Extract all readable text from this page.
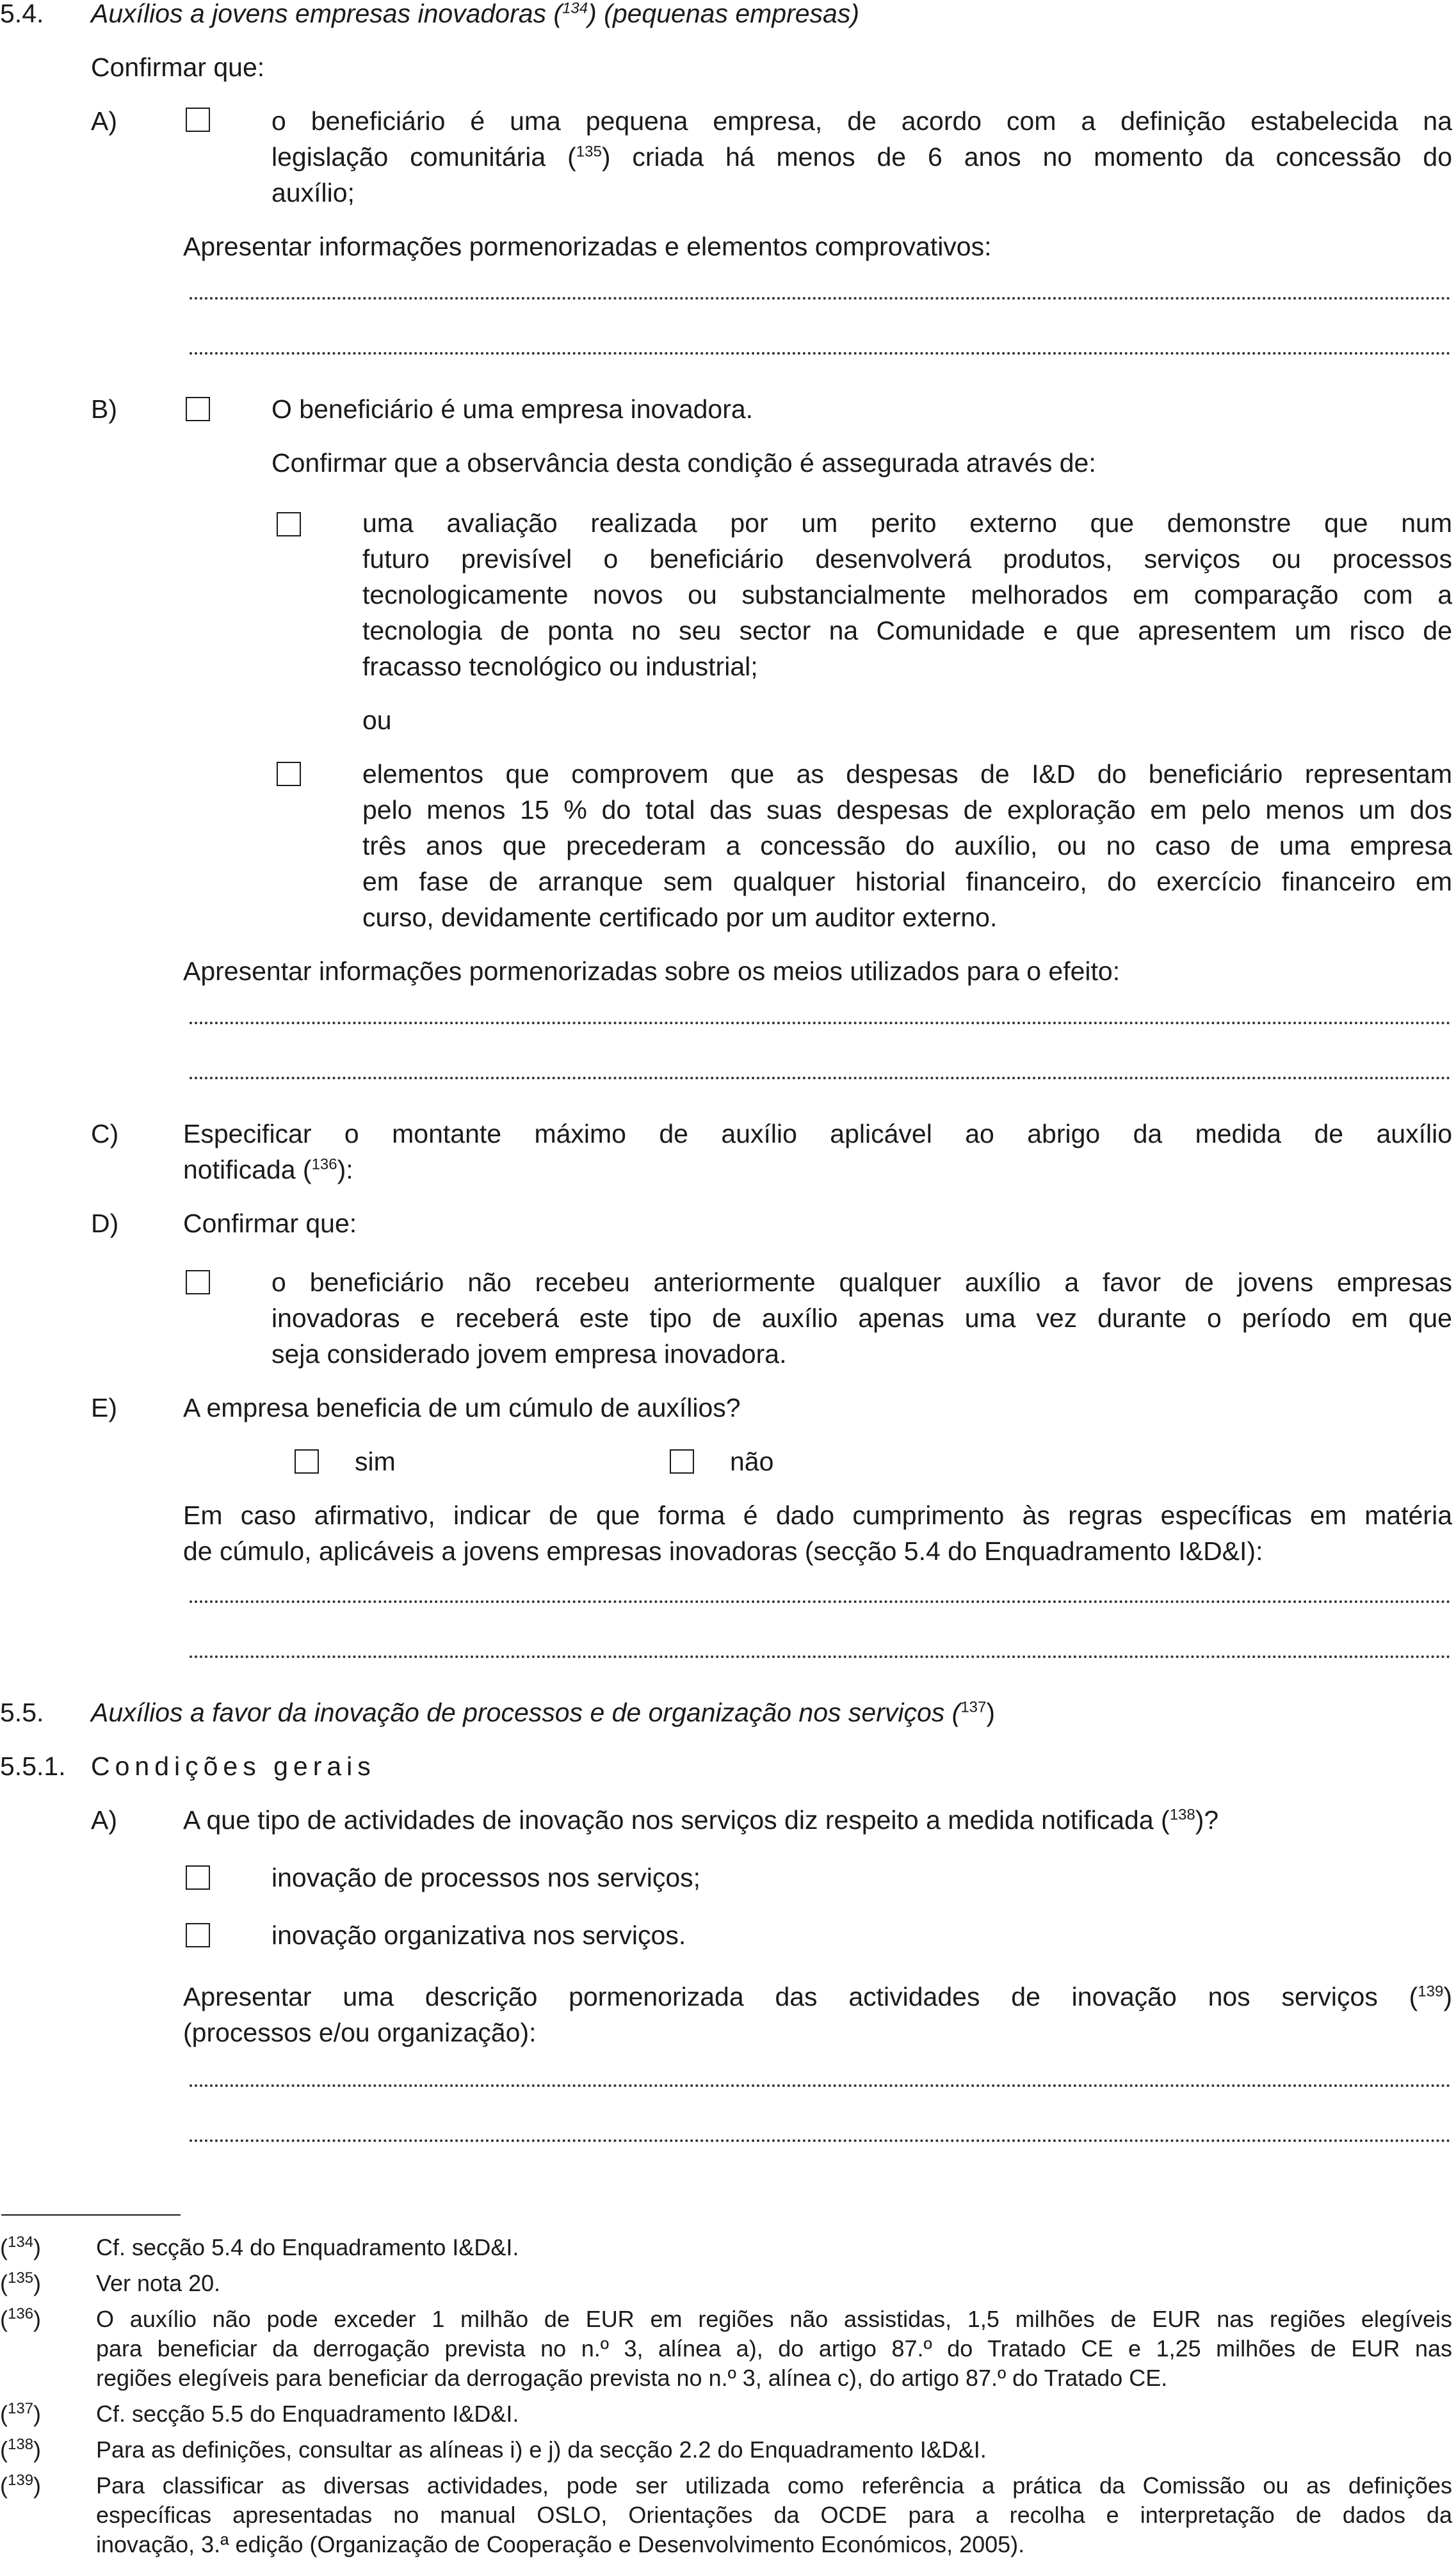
5.4. Auxílios a jovens empresas inovadoras ($^{134}$) (pequenas empresas)
Confirmar que:
A)	o beneficiário é uma pequena empresa, de acordo com a definição estabelecida na
legislação comunitária ($^{135}$) criada há menos de 6 anos no momento da concessão do
auxílio;
Apresentar informações pormenorizadas e elementos comprovativos:
B)	O beneficiário é uma empresa inovadora.
Confirmar que a observância desta condição é assegurada através de:
uma avaliação realizada por um perito externo que demonstre que num
futuro previsível o beneficiário desenvolverá produtos, serviços ou processos
tecnologicamente novos ou substancialmente melhorados em comparação com a
tecnologia de ponta no seu sector na Comunidade e que apresentem um risco de
fracasso tecnológico ou industrial;
ou
elementos que comprovem que as despesas de I&D do beneficiário representam
pelo menos 15 % do total das suas despesas de exploração em pelo menos um dos
três anos que precederam a concessão do auxílio, ou no caso de uma empresa
em fase de arranque sem qualquer historial financeiro, do exercício financeiro em
curso, devidamente certificado por um auditor externo.
Apresentar informações pormenorizadas sobre os meios utilizados para o efeito:
C) Especificar o montante máximo de auxílio aplicável ao abrigo da medida de auxílio
notificada ($^{136}$):
D) Confirmar que:
o beneficiário não recebeu anteriormente qualquer auxílio a favor de jovens empresas
inovadoras e receberá este tipo de auxílio apenas uma vez durante o período em que
seja considerado jovem empresa inovadora.
E)	A empresa beneficia de um cúmulo de auxílios?
sim	não
Em caso afirmativo, indicar de que forma é dado cumprimento às regras específicas em matéria
de cúmulo, aplicáveis a jovens empresas inovadoras (secção 5.4 do Enquadramento I&D&I):
5.5. Auxílios a favor da inovação de processos e de organização nos serviços ($^{137}$)
5.5.1. Condições gerais
A)	A que tipo de actividades de inovação nos serviços diz respeito a medida notificada ($^{138}$)?
inovação de processos nos serviços;
inovação organizativa nos serviços.
Apresentar uma descrição pormenorizada das actividades de inovação nos serviços ($^{139}$)
(processos e/ou organização):
($^{134}$) Cf. secção 5.4 do Enquadramento I&D&I.
($^{135}$) Ver nota 20.
($^{136}$) O auxílio não pode exceder 1 milhão de EUR em regiões não assistidas, 1,5 milhões de EUR nas regiões elegíveis
para beneficiar da derrogação prevista no n.º 3, alínea a), do artigo 87.º do Tratado CE e 1,25 milhões de EUR nas
regiões elegíveis para beneficiar da derrogação prevista no n.º 3, alínea c), do artigo 87.º do Tratado CE.
($^{137}$) Cf. secção 5.5 do Enquadramento I&D&I.
($^{138}$) Para as definições, consultar as alíneas i) e j) da secção 2.2 do Enquadramento I&D&I.
($^{139}$) Para classificar as diversas actividades, pode ser utilizada como referência a prática da Comissão ou as definições
específicas apresentadas no manual OSLO, Orientações da OCDE para a recolha e interpretação de dados da
inovação, 3.ª edição (Organização de Cooperação e Desenvolvimento Económicos, 2005).
